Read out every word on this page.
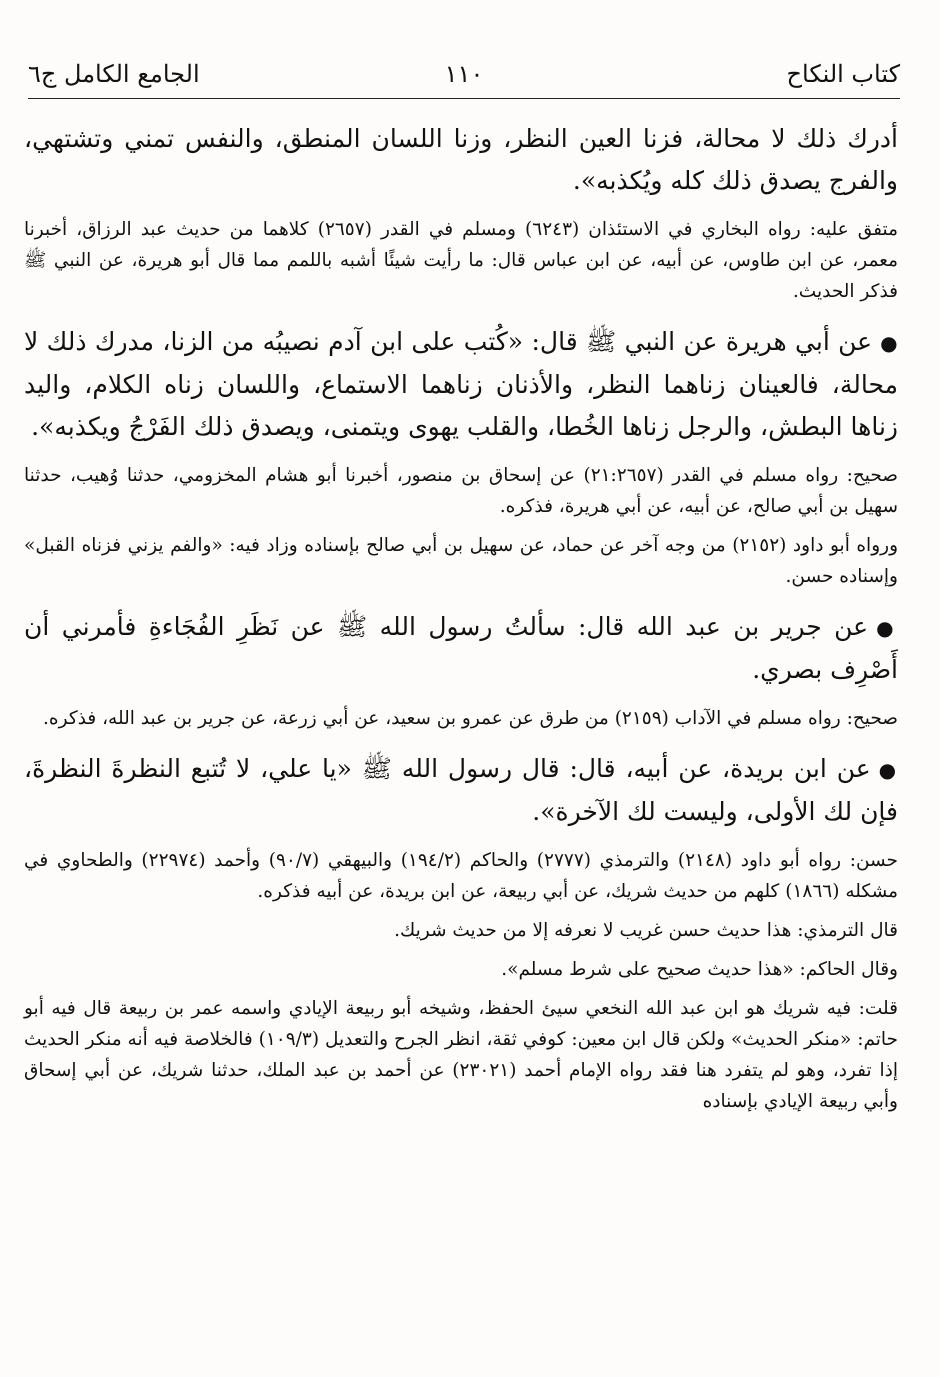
كتاب النكاح
١١٠
الجامع الكامل ج٦

أدرك ذلك لا محالة، فزنا العين النظر، وزنا اللسان المنطق، والنفس تمني وتشتهي، والفرج يصدق ذلك كله ويُكذبه».

متفق عليه: رواه البخاري في الاستئذان (٦٢٤٣) ومسلم في القدر (٢٦٥٧) كلاهما من حديث عبد الرزاق، أخبرنا معمر، عن ابن طاوس، عن أبيه، عن ابن عباس قال: ما رأيت شيئًا أشبه باللمم مما قال أبو هريرة، عن النبي ﷺ فذكر الحديث.

●عن أبي هريرة عن النبي ﷺ قال: «كُتب على ابن آدم نصيبُه من الزنا، مدرك ذلك لا محالة، فالعينان زناهما النظر، والأذنان زناهما الاستماع، واللسان زناه الكلام، واليد زناها البطش، والرجل زناها الخُطا، والقلب يهوى ويتمنى، ويصدق ذلك الفَرْجُ ويكذبه».

صحيح: رواه مسلم في القدر (٢١:٢٦٥٧) عن إسحاق بن منصور، أخبرنا أبو هشام المخزومي، حدثنا وُهيب، حدثنا سهيل بن أبي صالح، عن أبيه، عن أبي هريرة، فذكره.

ورواه أبو داود (٢١٥٢) من وجه آخر عن حماد، عن سهيل بن أبي صالح بإسناده وزاد فيه: «والفم يزني فزناه القبل» وإسناده حسن.

●عن جرير بن عبد الله قال: سألتُ رسول الله ﷺ عن نَظَرِ الفُجَاءةِ فأمرني أن أَصْرِف بصري.

صحيح: رواه مسلم في الآداب (٢١٥٩) من طرق عن عمرو بن سعيد، عن أبي زرعة، عن جرير بن عبد الله، فذكره.

●عن ابن بريدة، عن أبيه، قال: قال رسول الله ﷺ «يا علي، لا تُتبع النظرةَ النظرةَ، فإن لك الأولى، وليست لك الآخرة».

حسن: رواه أبو داود (٢١٤٨) والترمذي (٢٧٧٧) والحاكم (١٩٤/٢) والبيهقي (٩٠/٧) وأحمد (٢٢٩٧٤) والطحاوي في مشكله (١٨٦٦) كلهم من حديث شريك، عن أبي ربيعة، عن ابن بريدة، عن أبيه فذكره.

قال الترمذي: هذا حديث حسن غريب لا نعرفه إلا من حديث شريك.

وقال الحاكم: «هذا حديث صحيح على شرط مسلم».

قلت: فيه شريك هو ابن عبد الله النخعي سيئ الحفظ، وشيخه أبو ربيعة الإيادي واسمه عمر بن ربيعة قال فيه أبو حاتم: «منكر الحديث» ولكن قال ابن معين: كوفي ثقة، انظر الجرح والتعديل (١٠٩/٣) فالخلاصة فيه أنه منكر الحديث إذا تفرد، وهو لم يتفرد هنا فقد رواه الإمام أحمد (٢٣٠٢١) عن أحمد بن عبد الملك، حدثنا شريك، عن أبي إسحاق وأبي ربيعة الإيادي بإسناده
